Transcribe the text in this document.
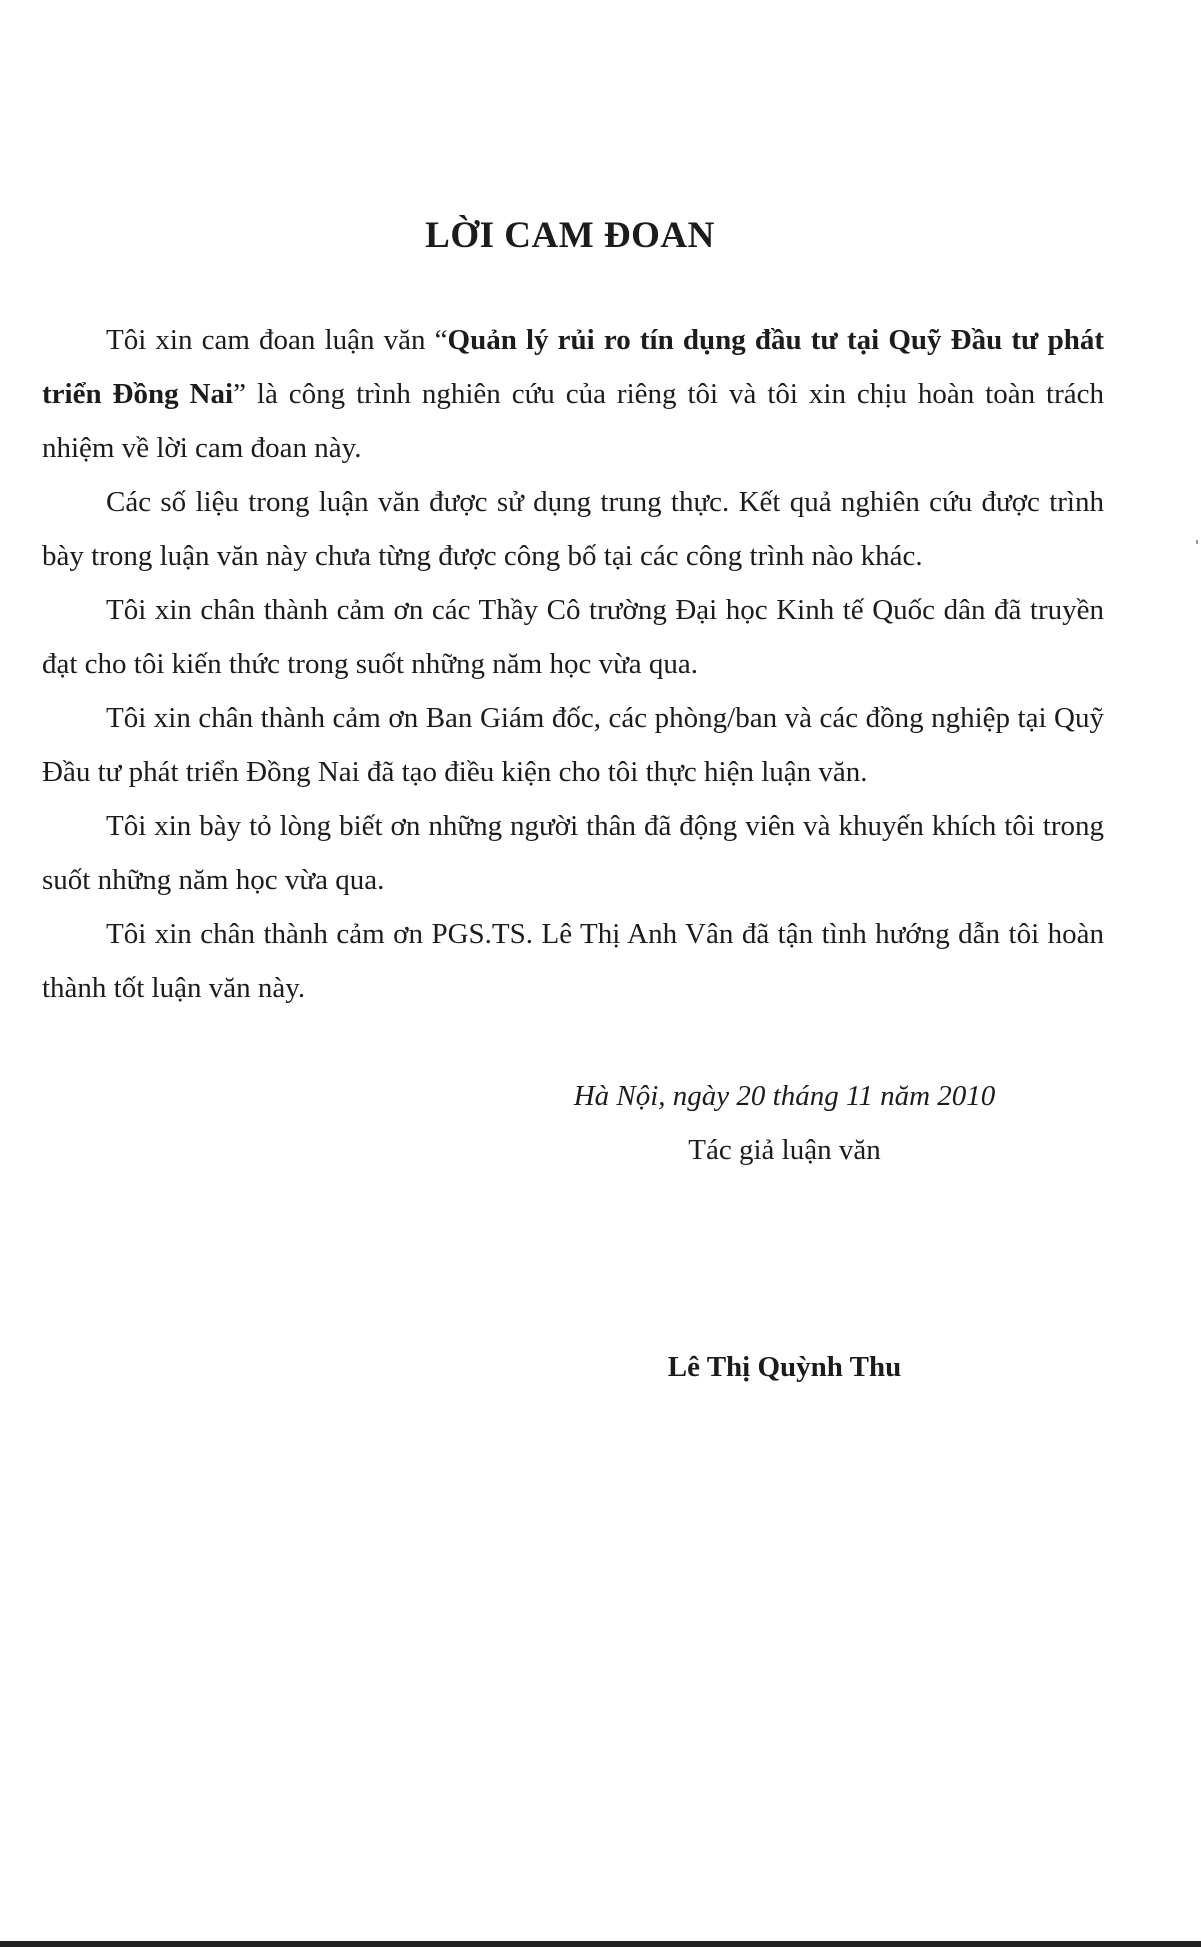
LỜI CAM ĐOAN

Tôi xin cam đoan luận văn “Quản lý rủi ro tín dụng đầu tư tại Quỹ Đầu tư phát triển Đồng Nai” là công trình nghiên cứu của riêng tôi và tôi xin chịu hoàn toàn trách nhiệm về lời cam đoan này.

Các số liệu trong luận văn được sử dụng trung thực. Kết quả nghiên cứu được trình bày trong luận văn này chưa từng được công bố tại các công trình nào khác.

Tôi xin chân thành cảm ơn các Thầy Cô trường Đại học Kinh tế Quốc dân đã truyền đạt cho tôi kiến thức trong suốt những năm học vừa qua.

Tôi xin chân thành cảm ơn Ban Giám đốc, các phòng/ban và các đồng nghiệp tại Quỹ Đầu tư phát triển Đồng Nai đã tạo điều kiện cho tôi thực hiện luận văn.

Tôi xin bày tỏ lòng biết ơn những người thân đã động viên và khuyến khích tôi trong suốt những năm học vừa qua.

Tôi xin chân thành cảm ơn PGS.TS. Lê Thị Anh Vân đã tận tình hướng dẫn tôi hoàn thành tốt luận văn này.

Hà Nội, ngày 20 tháng 11 năm 2010
Tác giả luận văn
Lê Thị Quỳnh Thu
